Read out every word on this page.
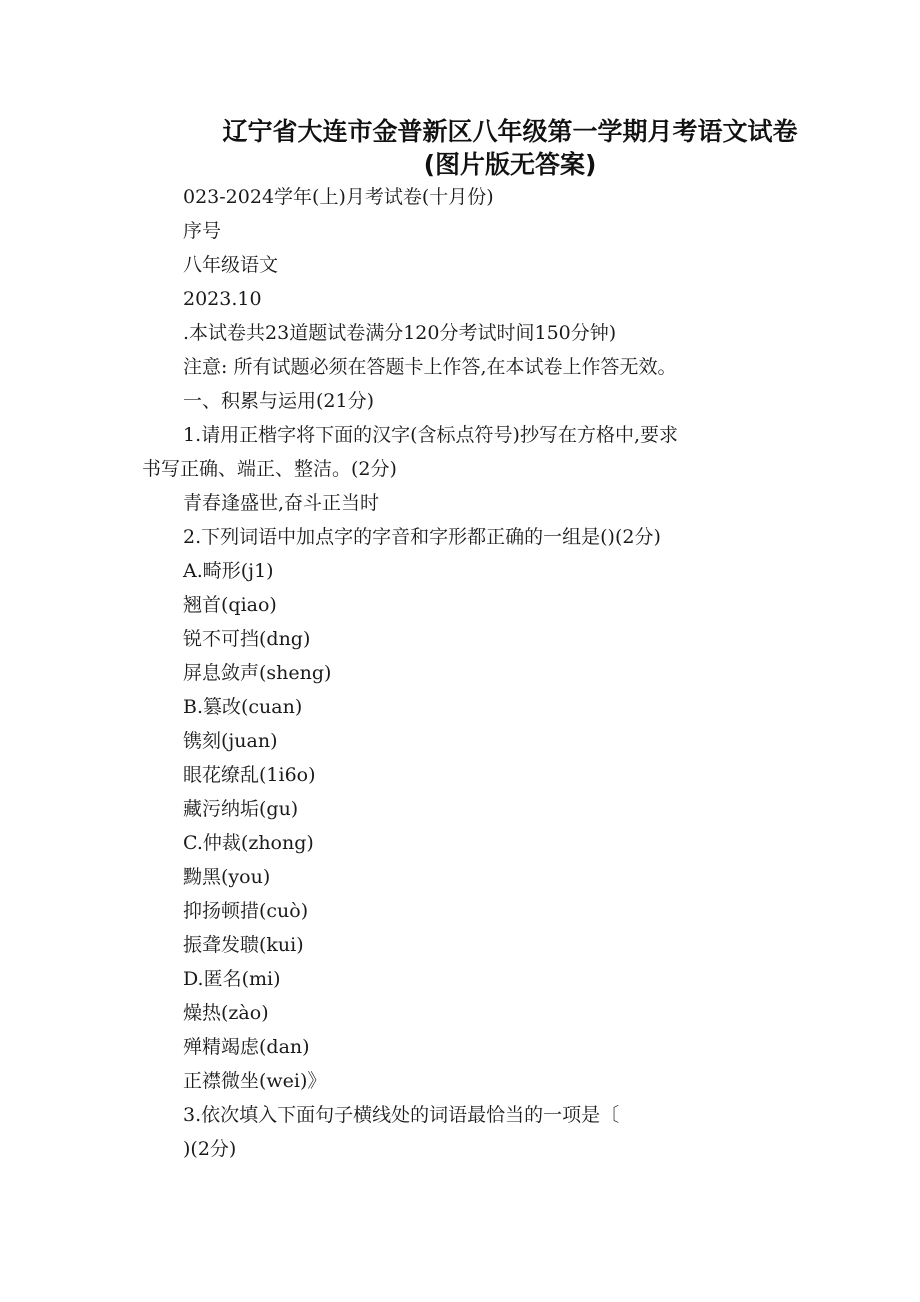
辽宁省大连市金普新区八年级第一学期月考语文试卷
(图片版无答案)
023-2024学年(上)月考试卷(十月份)
序号
八年级语文
2023.10
.本试卷共23道题试卷满分120分考试时间150分钟)
注意: 所有试题必须在答题卡上作答,在本试卷上作答无效。
一、积累与运用(21分)
1.请用正楷字将下面的汉字(含标点符号)抄写在方格中,要求
书写正确、端正、整洁。(2分)
青春逢盛世,奋斗正当时
2.下列词语中加点字的字音和字形都正确的一组是()(2分)
A.畸形(j1)
翘首(qiao)
锐不可挡(dng)
屏息敛声(sheng)
B.篡改(cuan)
镌刻(juan)
眼花缭乱(1i6o)
藏污纳垢(gu)
C.仲裁(zhong)
黝黑(you)
抑扬顿措(cuò)
振聋发聩(kui)
D.匿名(mi)
燥热(zào)
殚精竭虑(dan)
正襟微坐(wei)》
3.依次填入下面句子横线处的词语最恰当的一项是〔
)(2分)
